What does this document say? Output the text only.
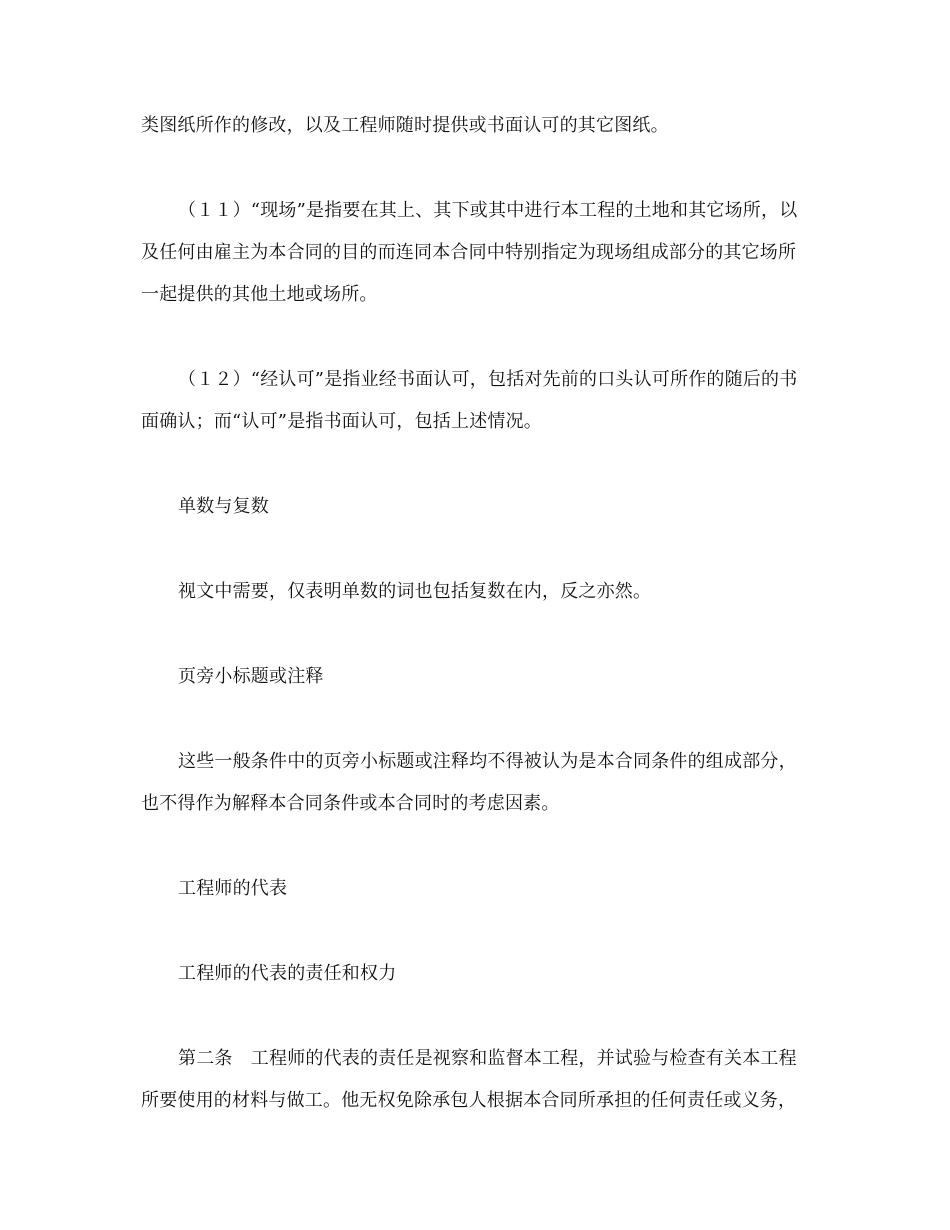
类图纸所作的修改，以及工程师随时提供或书面认可的其它图纸。
（１１）“现场”是指要在其上、其下或其中进行本工程的土地和其它场所，以
及任何由雇主为本合同的目的而连同本合同中特别指定为现场组成部分的其它场所
一起提供的其他土地或场所。
（１２）“经认可”是指业经书面认可，包括对先前的口头认可所作的随后的书
面确认；而“认可”是指书面认可，包括上述情况。
单数与复数
视文中需要，仅表明单数的词也包括复数在内，反之亦然。
页旁小标题或注释
这些一般条件中的页旁小标题或注释均不得被认为是本合同条件的组成部分，
也不得作为解释本合同条件或本合同时的考虑因素。
工程师的代表
工程师的代表的责任和权力
第二条　工程师的代表的责任是视察和监督本工程，并试验与检查有关本工程
所要使用的材料与做工。他无权免除承包人根据本合同所承担的任何责任或义务，
